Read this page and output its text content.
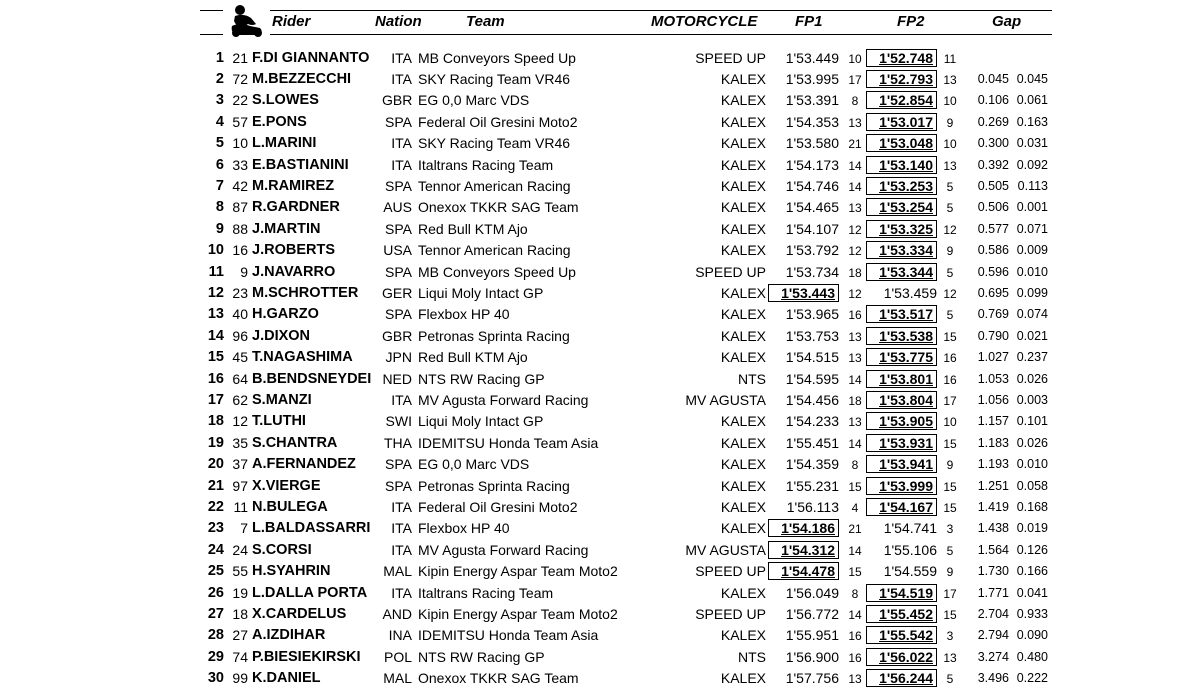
Rider	Nation	Team	MOTORCYCLE	FP1	FP2	Gap
1 21 F.DI GIANNANTO	ITA MB Conveyors Speed Up	SPEED UP	1'53.449 10	1'52.748 11
2 72 M.BEZZECCHI	ITA SKY Racing Team VR46	KALEX	1'53.995 17	1'52.793 13	0.045 0.045
3 22 S.LOWES	GBR EG 0,0 Marc VDS	KALEX	1'53.391	8	1'52.854 10	0.106 0.061
4 57 E.PONS	SPA Federal Oil Gresini Moto2	KALEX	1'54.353 13	1'53.017	9	0.269 0.163
5 10 L.MARINI	ITA SKY Racing Team VR46	KALEX	1'53.580 21	1'53.048 10	0.300 0.031
6 33 E.BASTIANINI	ITA Italtrans Racing Team	KALEX	1'54.173 14	1'53.140 13	0.392 0.092
7 42 M.RAMIREZ	SPA Tennor American Racing	KALEX	1'54.746 14	1'53.253	5	0.505 0.113
8 87 R.GARDNER	AUS Onexox TKKR SAG Team	KALEX	1'54.465 13	1'53.254	5	0.506 0.001
9 88 J.MARTIN	SPA Red Bull KTM Ajo	KALEX	1'54.107 12	1'53.325 12	0.577 0.071
10 16 J.ROBERTS	USA Tennor American Racing	KALEX	1'53.792 12	1'53.334	9	0.586 0.009
11	9 J.NAVARRO	SPA MB Conveyors Speed Up	SPEED UP	1'53.734 18	1'53.344	5	0.596 0.010
12 23 M.SCHROTTER GER Liqui Moly Intact GP	KALEX	1'53.443	12	1'53.459 12	0.695 0.099
13 40 H.GARZO	SPA Flexbox HP 40	KALEX	1'53.965 16	1'53.517	5	0.769 0.074
14 96 J.DIXON	GBR Petronas Sprinta Racing	KALEX	1'53.753 13	1'53.538 15	0.790 0.021
15 45 T.NAGASHIMA JPN Red Bull KTM Ajo	KALEX	1'54.515 13	1'53.775 16	1.027 0.237
16 64 B.BENDSNEYDEI NED NTS RW Racing GP	NTS	1'54.595 14	1'53.801 16	1.053 0.026
17 62 S.MANZI	ITA MV Agusta Forward Racing	MV AGUSTA	1'54.456 18	1'53.804 17	1.056 0.003
18 12 T.LUTHI	SWI Liqui Moly Intact GP	KALEX	1'54.233 13	1'53.905 10	1.157 0.101
19 35 S.CHANTRA	THA IDEMITSU Honda Team Asia	KALEX	1'55.451 14	1'53.931 15	1.183 0.026
20 37 A.FERNANDEZ SPA EG 0,0 Marc VDS	KALEX	1'54.359	8	1'53.941	9	1.193 0.010
21 97 X.VIERGE	SPA Petronas Sprinta Racing	KALEX	1'55.231 15	1'53.999 15	1.251 0.058
22 11 N.BULEGA	ITA Federal Oil Gresini Moto2	KALEX	1'56.113	4	1'54.167 15	1.419 0.168
23	7 L.BALDASSARRI	ITA Flexbox HP 40	KALEX	1'54.186	21	1'54.741 3	1.438 0.019
24 24 S.CORSI	ITA MV Agusta Forward Racing	MV AGUSTA	1'54.312	14	1'55.106 5	1.564 0.126
25 55 H.SYAHRIN	MAL Kipin Energy Aspar Team Moto2	SPEED UP	1'54.478	15	1'54.559 9	1.730 0.166
26 19 L.DALLA PORTA	ITA Italtrans Racing Team	KALEX	1'56.049	8	1'54.519 17	1.771 0.041
27 18 X.CARDELUS	AND Kipin Energy Aspar Team Moto2	SPEED UP	1'56.772 14	1'55.452 15	2.704 0.933
28 27 A.IZDIHAR	INA IDEMITSU Honda Team Asia	KALEX	1'55.951 16	1'55.542	3	2.794 0.090
29 74 P.BIESIEKIRSKI POL NTS RW Racing GP	NTS	1'56.900 16	1'56.022 13	3.274 0.480
30 99 K.DANIEL	MAL Onexox TKKR SAG Team	KALEX	1'57.756 13	1'56.244	5	3.496 0.222
